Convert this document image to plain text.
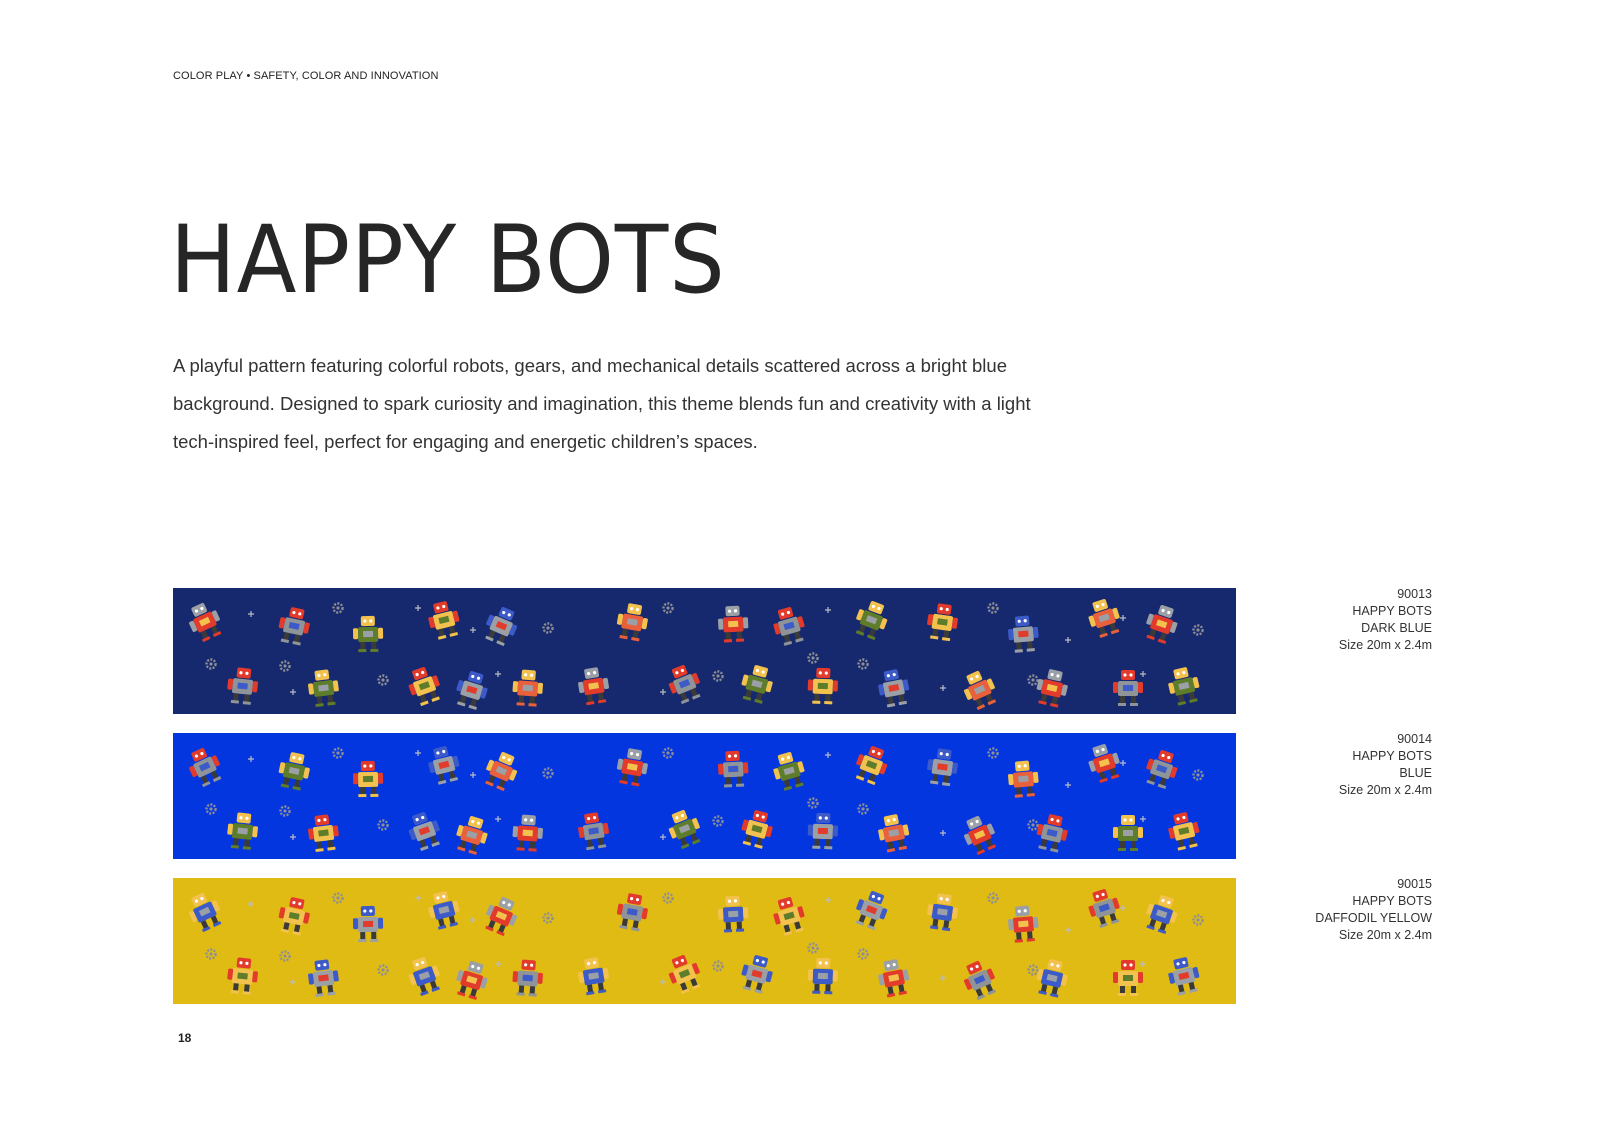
COLOR PLAY • SAFETY, COLOR AND INNOVATION
HAPPY BOTS

A playful pattern featuring colorful robots, gears, and mechanical details scattered across a bright blue

background. Designed to spark curiosity and imagination, this theme blends fun and creativity with a light

tech-inspired feel, perfect for engaging and energetic children’s spaces.

90013
HAPPY BOTS
DARK BLUE
Size 20m x 2.4m
90014
HAPPY BOTS
BLUE
Size 20m x 2.4m
90015
HAPPY BOTS
DAFFODIL YELLOW
Size 20m x 2.4m
18
